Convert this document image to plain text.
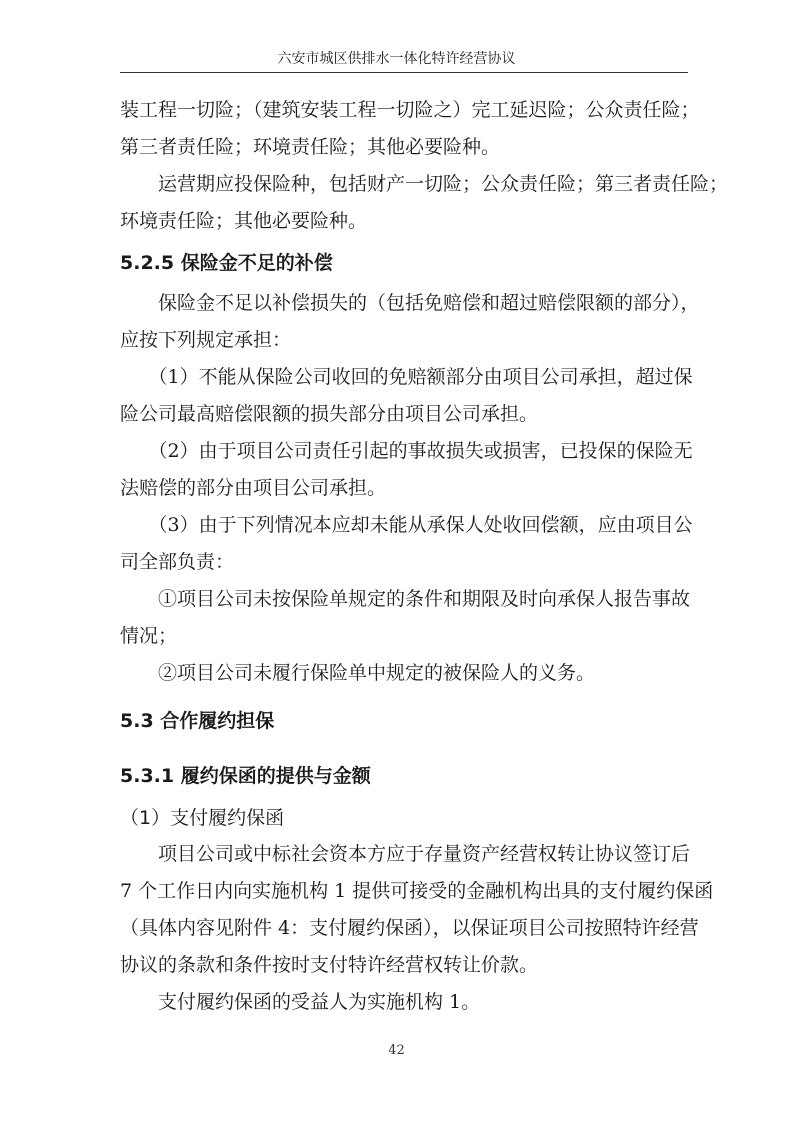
六安市城区供排水一体化特许经营协议
装工程一切险；（建筑安装工程一切险之）完工延迟险；公众责任险；
第三者责任险；环境责任险；其他必要险种。
　　运营期应投保险种，包括财产一切险；公众责任险；第三者责任险；
环境责任险；其他必要险种。
5.2.5 保险金不足的补偿
　　保险金不足以补偿损失的（包括免赔偿和超过赔偿限额的部分），
应按下列规定承担：
　　（1）不能从保险公司收回的免赔额部分由项目公司承担，超过保
险公司最高赔偿限额的损失部分由项目公司承担。
　　（2）由于项目公司责任引起的事故损失或损害，已投保的保险无
法赔偿的部分由项目公司承担。
　　（3）由于下列情况本应却未能从承保人处收回偿额，应由项目公
司全部负责：
　　①项目公司未按保险单规定的条件和期限及时向承保人报告事故
情况；
　　②项目公司未履行保险单中规定的被保险人的义务。
5.3 合作履约担保
5.3.1 履约保函的提供与金额
（1）支付履约保函
　　项目公司或中标社会资本方应于存量资产经营权转让协议签订后
7 个工作日内向实施机构 1 提供可接受的金融机构出具的支付履约保函
（具体内容见附件 4：支付履约保函），以保证项目公司按照特许经营
协议的条款和条件按时支付特许经营权转让价款。
　　支付履约保函的受益人为实施机构 1。
42
